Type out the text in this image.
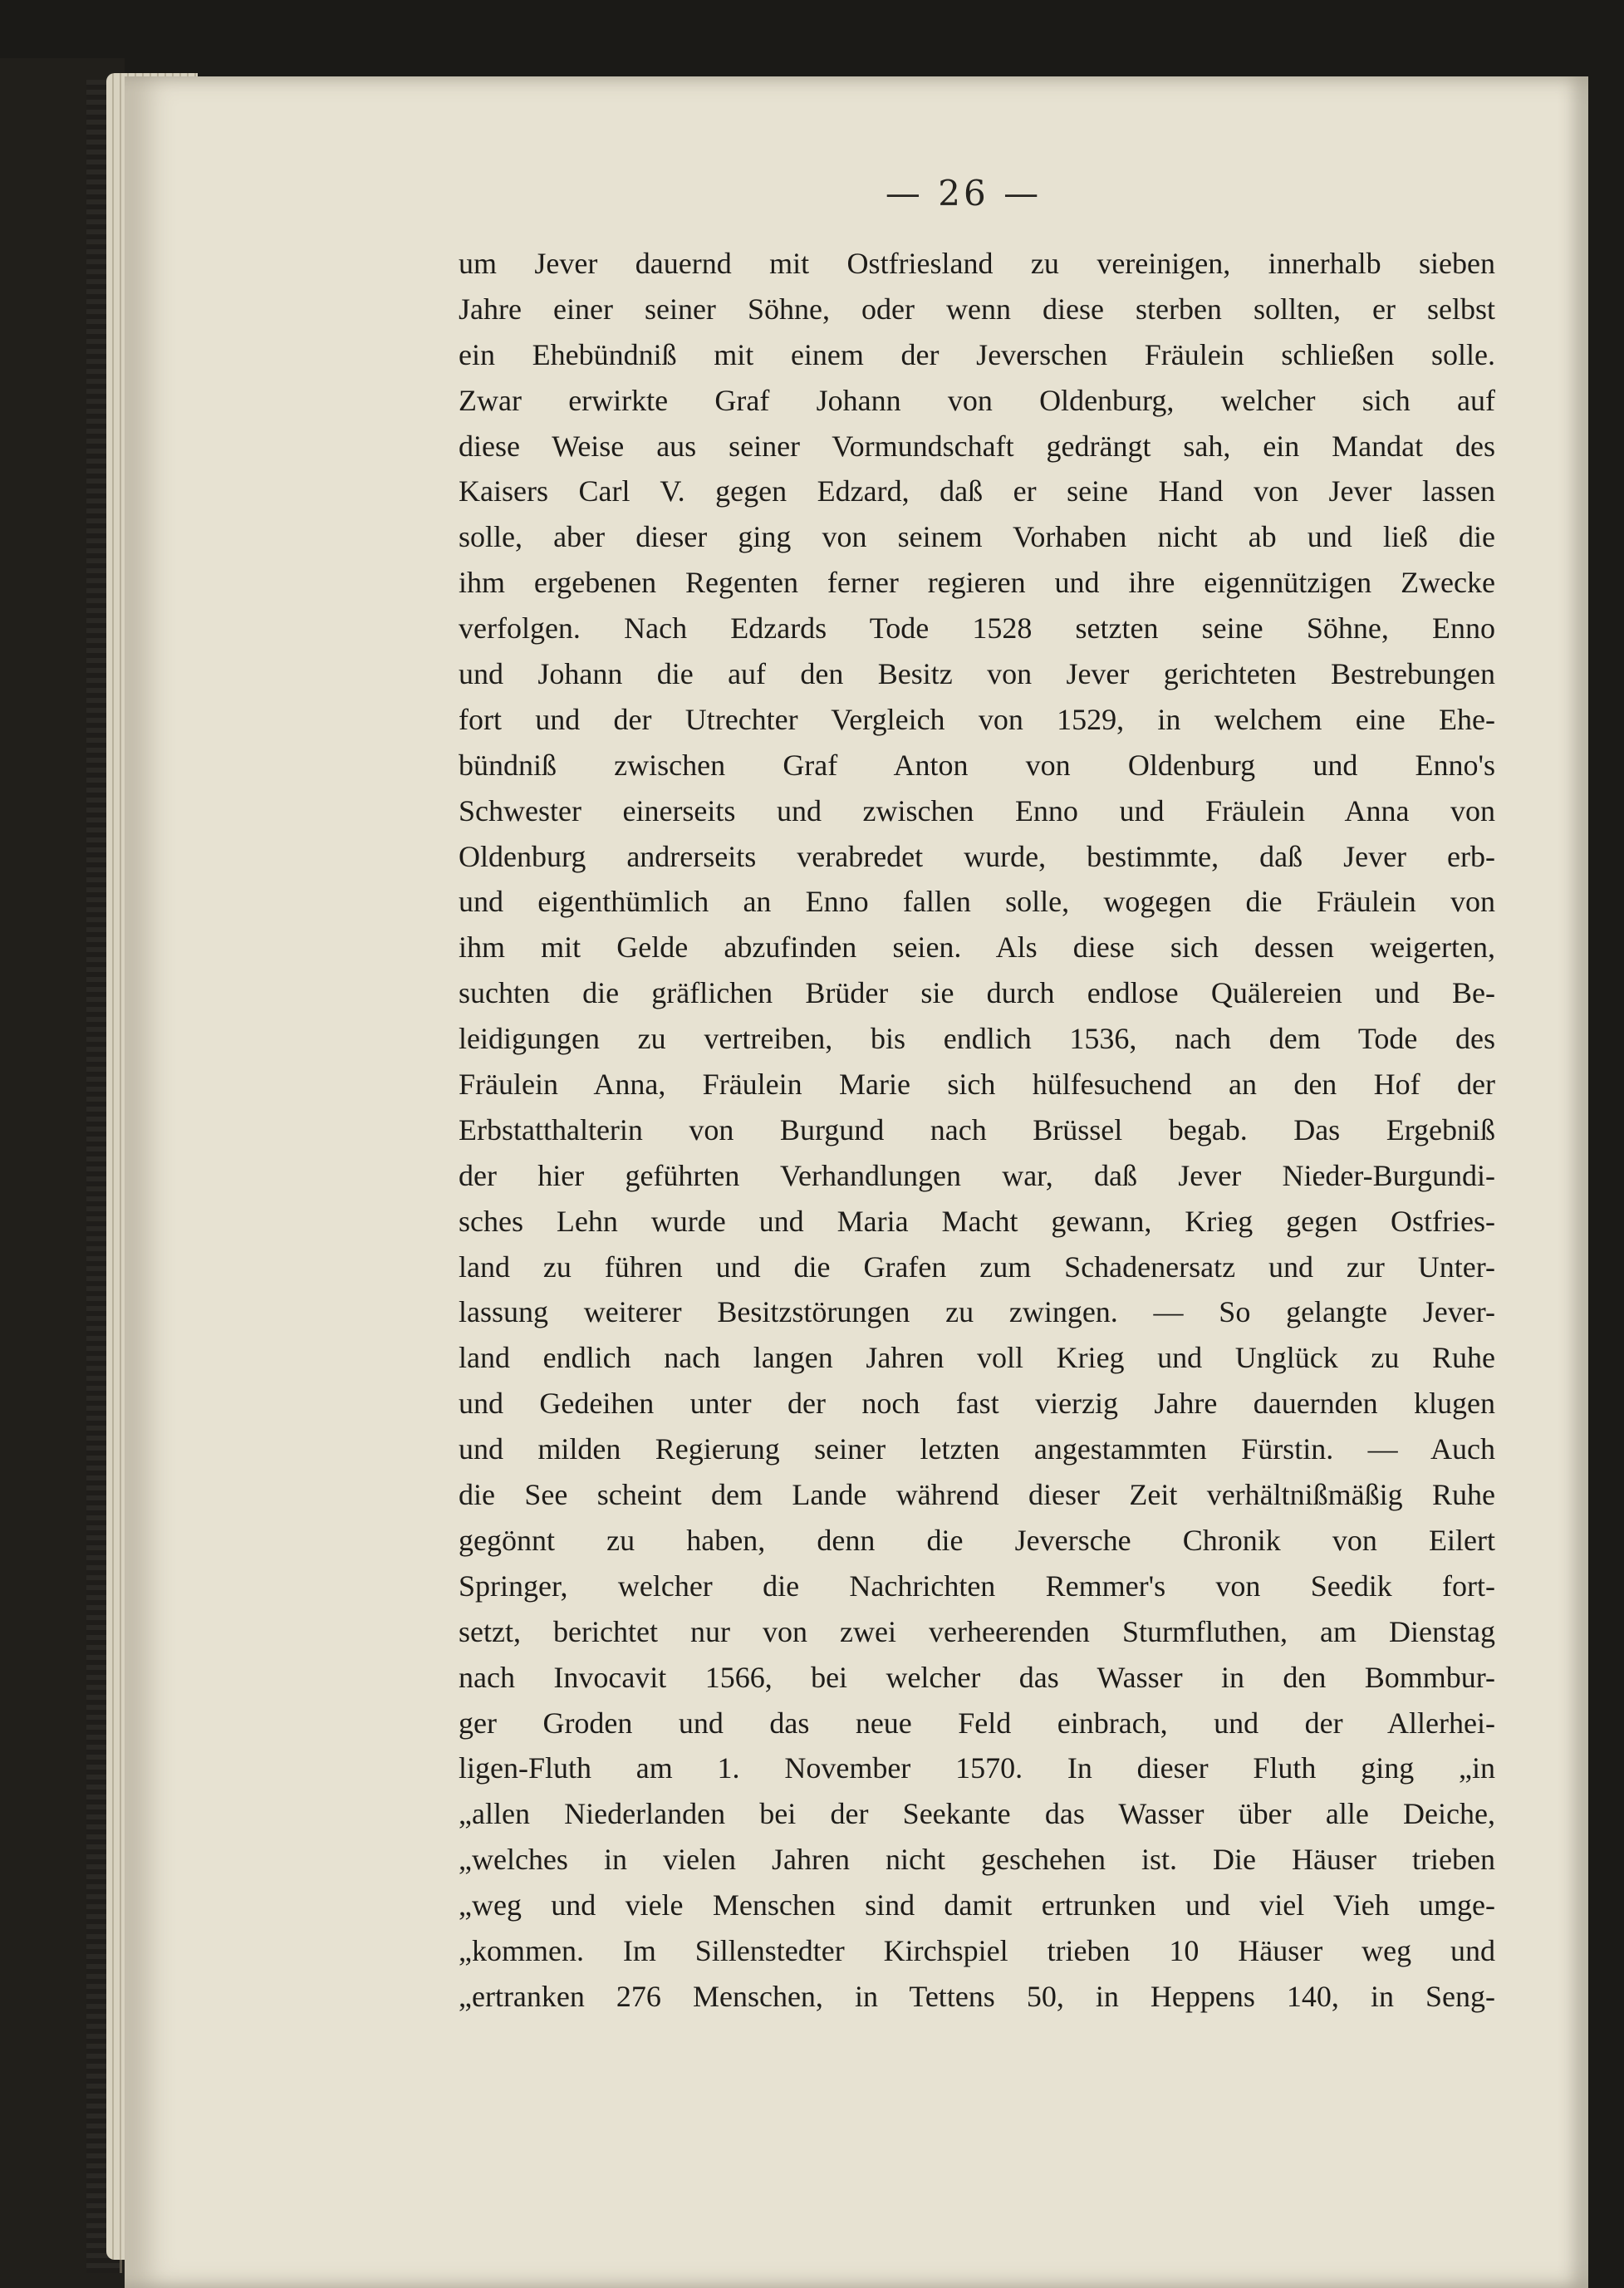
— 26 —
um Jever dauernd mit Ostfriesland zu vereinigen, innerhalb sieben
Jahre einer seiner Söhne, oder wenn diese sterben sollten, er selbst
ein Ehebündniß mit einem der Jeverschen Fräulein schließen solle.
Zwar erwirkte Graf Johann von Oldenburg, welcher sich auf
diese Weise aus seiner Vormundschaft gedrängt sah, ein Mandat des
Kaisers Carl V. gegen Edzard, daß er seine Hand von Jever lassen
solle, aber dieser ging von seinem Vorhaben nicht ab und ließ die
ihm ergebenen Regenten ferner regieren und ihre eigennützigen Zwecke
verfolgen. Nach Edzards Tode 1528 setzten seine Söhne, Enno
und Johann die auf den Besitz von Jever gerichteten Bestrebungen
fort und der Utrechter Vergleich von 1529, in welchem eine Ehe-
bündniß zwischen Graf Anton von Oldenburg und Enno's
Schwester einerseits und zwischen Enno und Fräulein Anna von
Oldenburg andrerseits verabredet wurde, bestimmte, daß Jever erb-
und eigenthümlich an Enno fallen solle, wogegen die Fräulein von
ihm mit Gelde abzufinden seien. Als diese sich dessen weigerten,
suchten die gräflichen Brüder sie durch endlose Quälereien und Be-
leidigungen zu vertreiben, bis endlich 1536, nach dem Tode des
Fräulein Anna, Fräulein Marie sich hülfesuchend an den Hof der
Erbstatthalterin von Burgund nach Brüssel begab. Das Ergebniß
der hier geführten Verhandlungen war, daß Jever Nieder-Burgundi-
sches Lehn wurde und Maria Macht gewann, Krieg gegen Ostfries-
land zu führen und die Grafen zum Schadenersatz und zur Unter-
lassung weiterer Besitzstörungen zu zwingen. — So gelangte Jever-
land endlich nach langen Jahren voll Krieg und Unglück zu Ruhe
und Gedeihen unter der noch fast vierzig Jahre dauernden klugen
und milden Regierung seiner letzten angestammten Fürstin. — Auch
die See scheint dem Lande während dieser Zeit verhältnißmäßig Ruhe
gegönnt zu haben, denn die Jeversche Chronik von Eilert
Springer, welcher die Nachrichten Remmer's von Seedik fort-
setzt, berichtet nur von zwei verheerenden Sturmfluthen, am Dienstag
nach Invocavit 1566, bei welcher das Wasser in den Bommbur-
ger Groden und das neue Feld einbrach, und der Allerhei-
ligen-Fluth am 1. November 1570. In dieser Fluth ging „in
„allen Niederlanden bei der Seekante das Wasser über alle Deiche,
„welches in vielen Jahren nicht geschehen ist. Die Häuser trieben
„weg und viele Menschen sind damit ertrunken und viel Vieh umge-
„kommen. Im Sillenstedter Kirchspiel trieben 10 Häuser weg und
„ertranken 276 Menschen, in Tettens 50, in Heppens 140, in Seng-
